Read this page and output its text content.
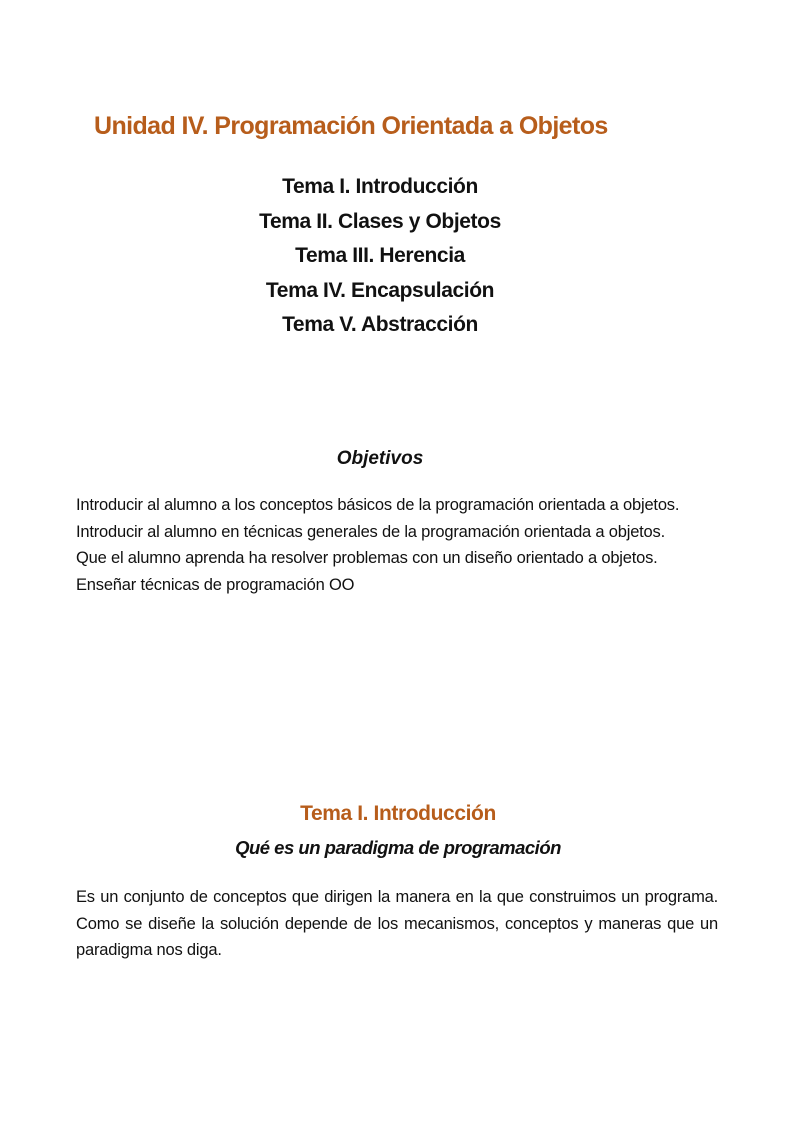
Unidad IV. Programación Orientada a Objetos
Tema I. Introducción
Tema II. Clases y Objetos
Tema III. Herencia
Tema IV. Encapsulación
Tema V. Abstracción
Objetivos
Introducir al alumno a los conceptos básicos de la programación orientada a objetos.
Introducir al alumno en técnicas generales de la programación orientada a objetos.
Que el alumno aprenda ha resolver problemas con un diseño orientado a objetos.
Enseñar técnicas de programación OO
Tema I. Introducción
Qué es un paradigma de programación

Es un conjunto de conceptos que dirigen la manera en la que construimos un programa. Como se diseñe la solución depende de los mecanismos, conceptos y maneras que un paradigma nos diga.
